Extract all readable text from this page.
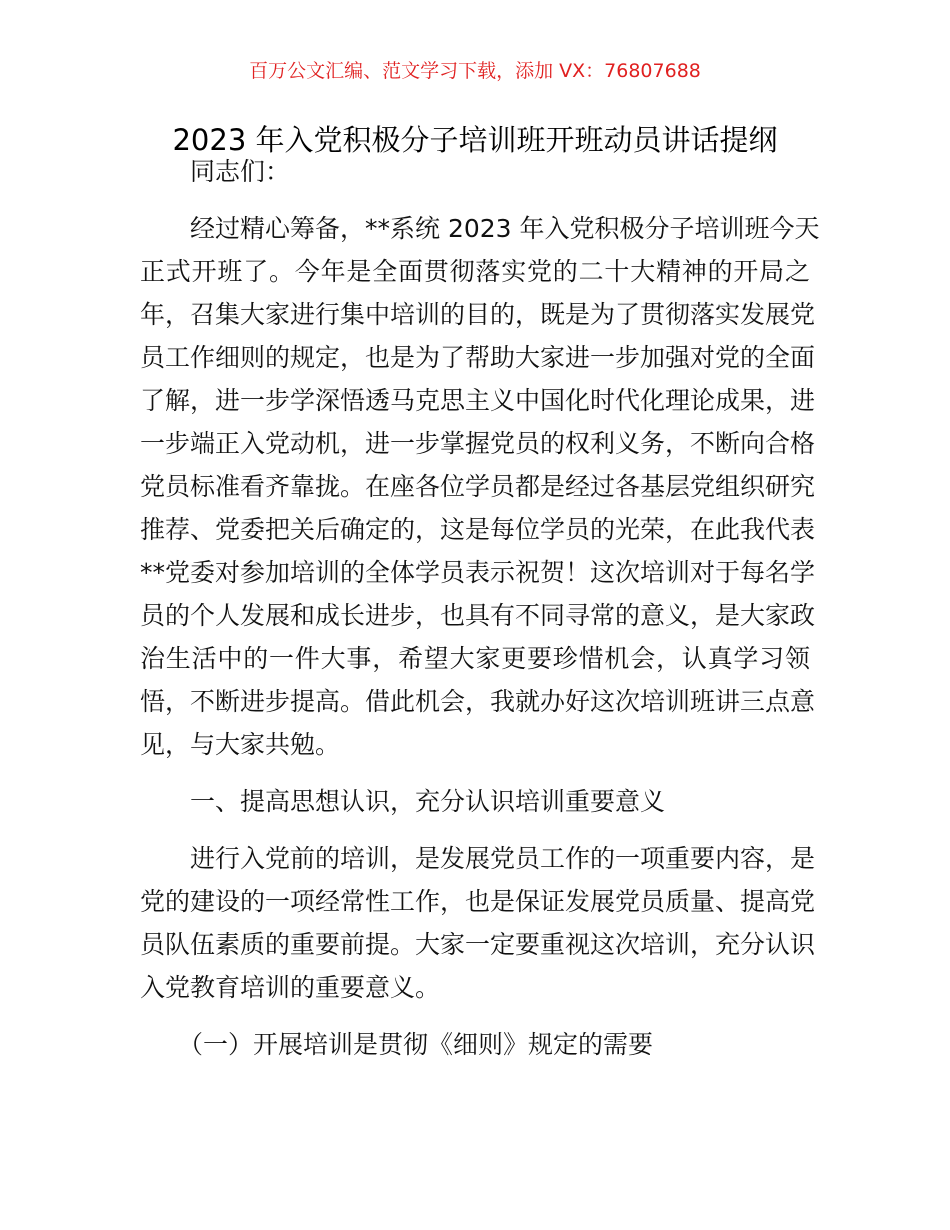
百万公文汇编、范文学习下载，添加 VX：76807688
2023 年入党积极分子培训班开班动员讲话提纲
同志们：
经过精心筹备，**系统 2023 年入党积极分子培训班今天
正式开班了。今年是全面贯彻落实党的二十大精神的开局之
年，召集大家进行集中培训的目的，既是为了贯彻落实发展党
员工作细则的规定，也是为了帮助大家进一步加强对党的全面
了解，进一步学深悟透马克思主义中国化时代化理论成果，进
一步端正入党动机，进一步掌握党员的权利义务，不断向合格
党员标准看齐靠拢。在座各位学员都是经过各基层党组织研究
推荐、党委把关后确定的，这是每位学员的光荣，在此我代表
**党委对参加培训的全体学员表示祝贺！这次培训对于每名学
员的个人发展和成长进步，也具有不同寻常的意义，是大家政
治生活中的一件大事，希望大家更要珍惜机会，认真学习领
悟，不断进步提高。借此机会，我就办好这次培训班讲三点意
见，与大家共勉。
一、提高思想认识，充分认识培训重要意义
进行入党前的培训，是发展党员工作的一项重要内容，是
党的建设的一项经常性工作，也是保证发展党员质量、提高党
员队伍素质的重要前提。大家一定要重视这次培训，充分认识
入党教育培训的重要意义。
（一）开展培训是贯彻《细则》规定的需要
